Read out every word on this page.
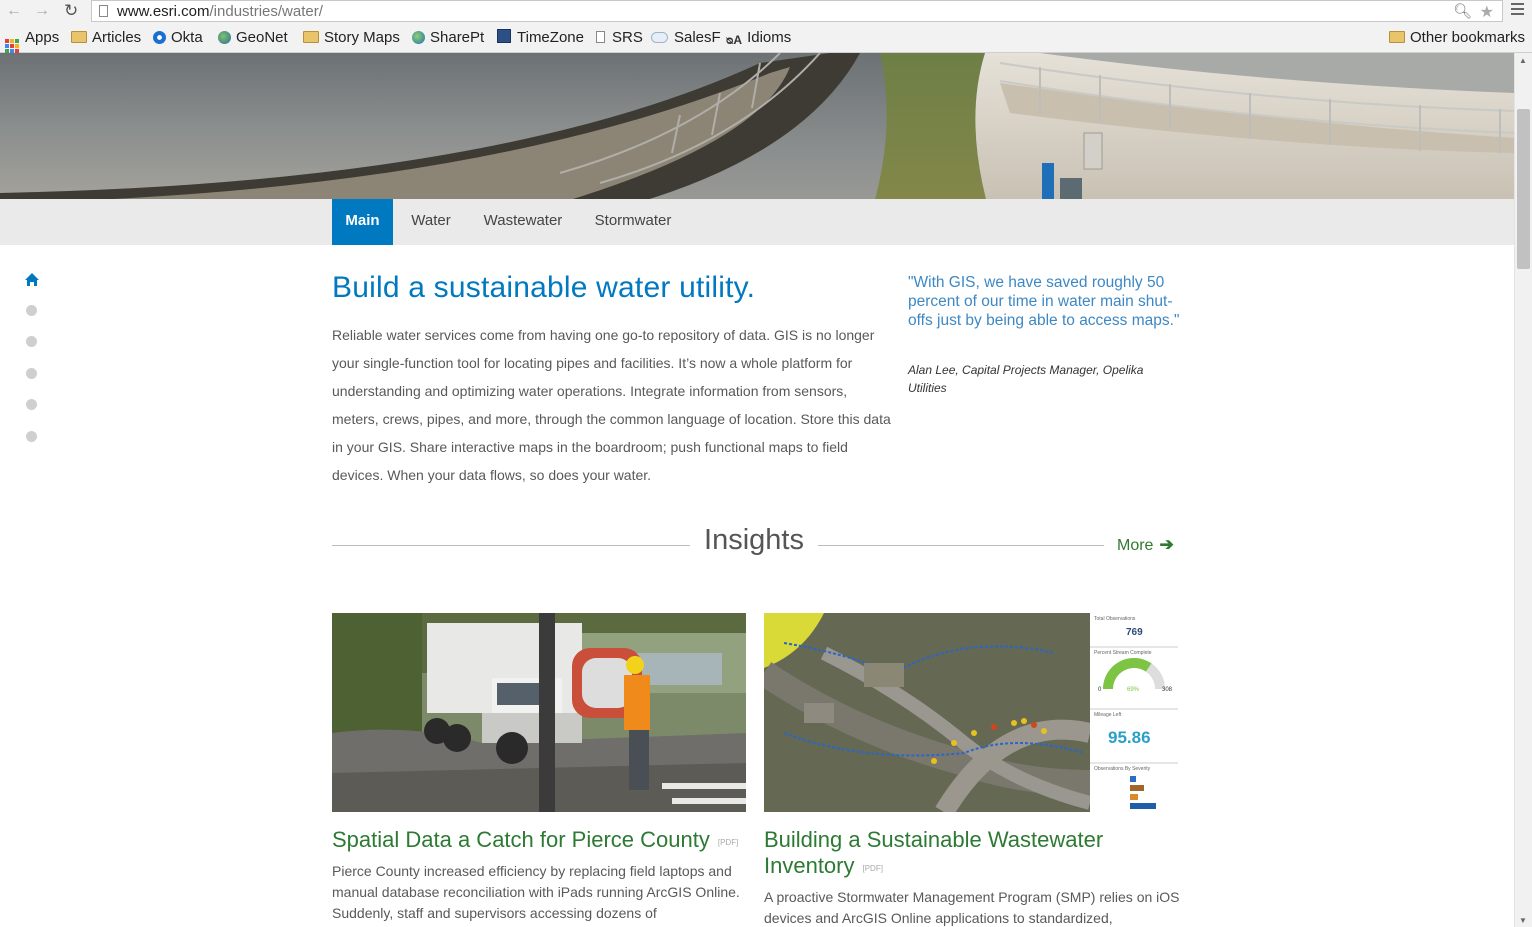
← → ↻	www.esri.com/industries/water/	🔍︎ ★
Apps	Articles	Okta	GeoNet	Story Maps	SharePt	TimeZone	SRS	SalesF ᴓA Idioms	Other bookmarks
Main	Water	Wastewater	Stormwater
Build a sustainable water utility.

Reliable water services come from having one go-to repository of data. GIS is no longer your single-function tool for locating pipes and facilities. It’s now a whole platform for understanding and optimizing water operations. Integrate information from sensors, meters, crews, pipes, and more, through the common language of location. Store this data in your GIS. Share interactive maps in the boardroom; push functional maps to field devices. When your data flows, so does your water.

"With GIS, we have saved roughly 50 percent of our time in water main shut-offs just by being able to access maps."
Alan Lee, Capital Projects Manager, Opelika Utilities
Insights	More ➔
Total Observations
769
Percent Stream Complete
0	69%	308
Mileage Left
95.86
Observations By Severity
Spatial Data a Catch for Pierce County [PDF]
Pierce County increased efficiency by replacing field laptops and manual database reconciliation with iPads running ArcGIS Online. Suddenly, staff and supervisors accessing dozens of
Building a Sustainable Wastewater Inventory [PDF]
A proactive Stormwater Management Program (SMP) relies on iOS devices and ArcGIS Online applications to standardized,
▲
▼
